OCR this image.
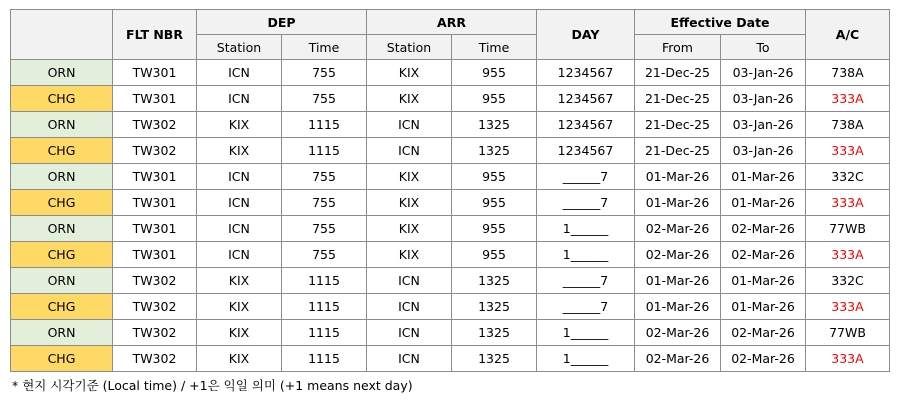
	FLT NBR	DEP		ARR		DAY	Effective Date		A/C
		Station	Time	Station	Time		From	To	
ORN	TW301	ICN	755	KIX	955	1234567	21-Dec-25	03-Jan-26	738A
CHG	TW301	ICN	755	KIX	955	1234567	21-Dec-25	03-Jan-26	333A
ORN	TW302	KIX	1115	ICN	1325	1234567	21-Dec-25	03-Jan-26	738A
CHG	TW302	KIX	1115	ICN	1325	1234567	21-Dec-25	03-Jan-26	333A
ORN	TW301	ICN	755	KIX	955	______7	01-Mar-26	01-Mar-26	332C
CHG	TW301	ICN	755	KIX	955	______7	01-Mar-26	01-Mar-26	333A
ORN	TW301	ICN	755	KIX	955	1______	02-Mar-26	02-Mar-26	77WB
CHG	TW301	ICN	755	KIX	955	1______	02-Mar-26	02-Mar-26	333A
ORN	TW302	KIX	1115	ICN	1325	______7	01-Mar-26	01-Mar-26	332C
CHG	TW302	KIX	1115	ICN	1325	______7	01-Mar-26	01-Mar-26	333A
ORN	TW302	KIX	1115	ICN	1325	1______	02-Mar-26	02-Mar-26	77WB
CHG	TW302	KIX	1115	ICN	1325	1______	02-Mar-26	02-Mar-26	333A
* 현지 시각기준 (Local time) / +1은 익일 의미 (+1 means next day)
